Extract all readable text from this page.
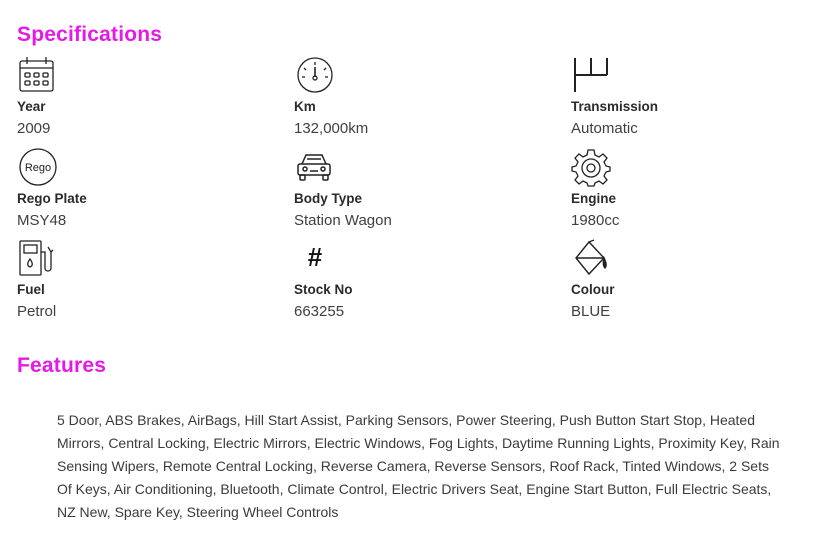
Specifications
Year
2009
Km
132,000km
Transmission
Automatic
Rego
Rego Plate
MSY48
Body Type
Station Wagon
Engine
1980cc
Fuel
Petrol
#
Stock No
663255
Colour
BLUE
Features

5 Door, ABS Brakes, AirBags, Hill Start Assist, Parking Sensors, Power Steering, Push Button Start Stop, Heated Mirrors, Central Locking, Electric Mirrors, Electric Windows, Fog Lights, Daytime Running Lights, Proximity Key, Rain Sensing Wipers, Remote Central Locking, Reverse Camera, Reverse Sensors, Roof Rack, Tinted Windows, 2 Sets Of Keys, Air Conditioning, Bluetooth, Climate Control, Electric Drivers Seat, Engine Start Button, Full Electric Seats, NZ New, Spare Key, Steering Wheel Controls
